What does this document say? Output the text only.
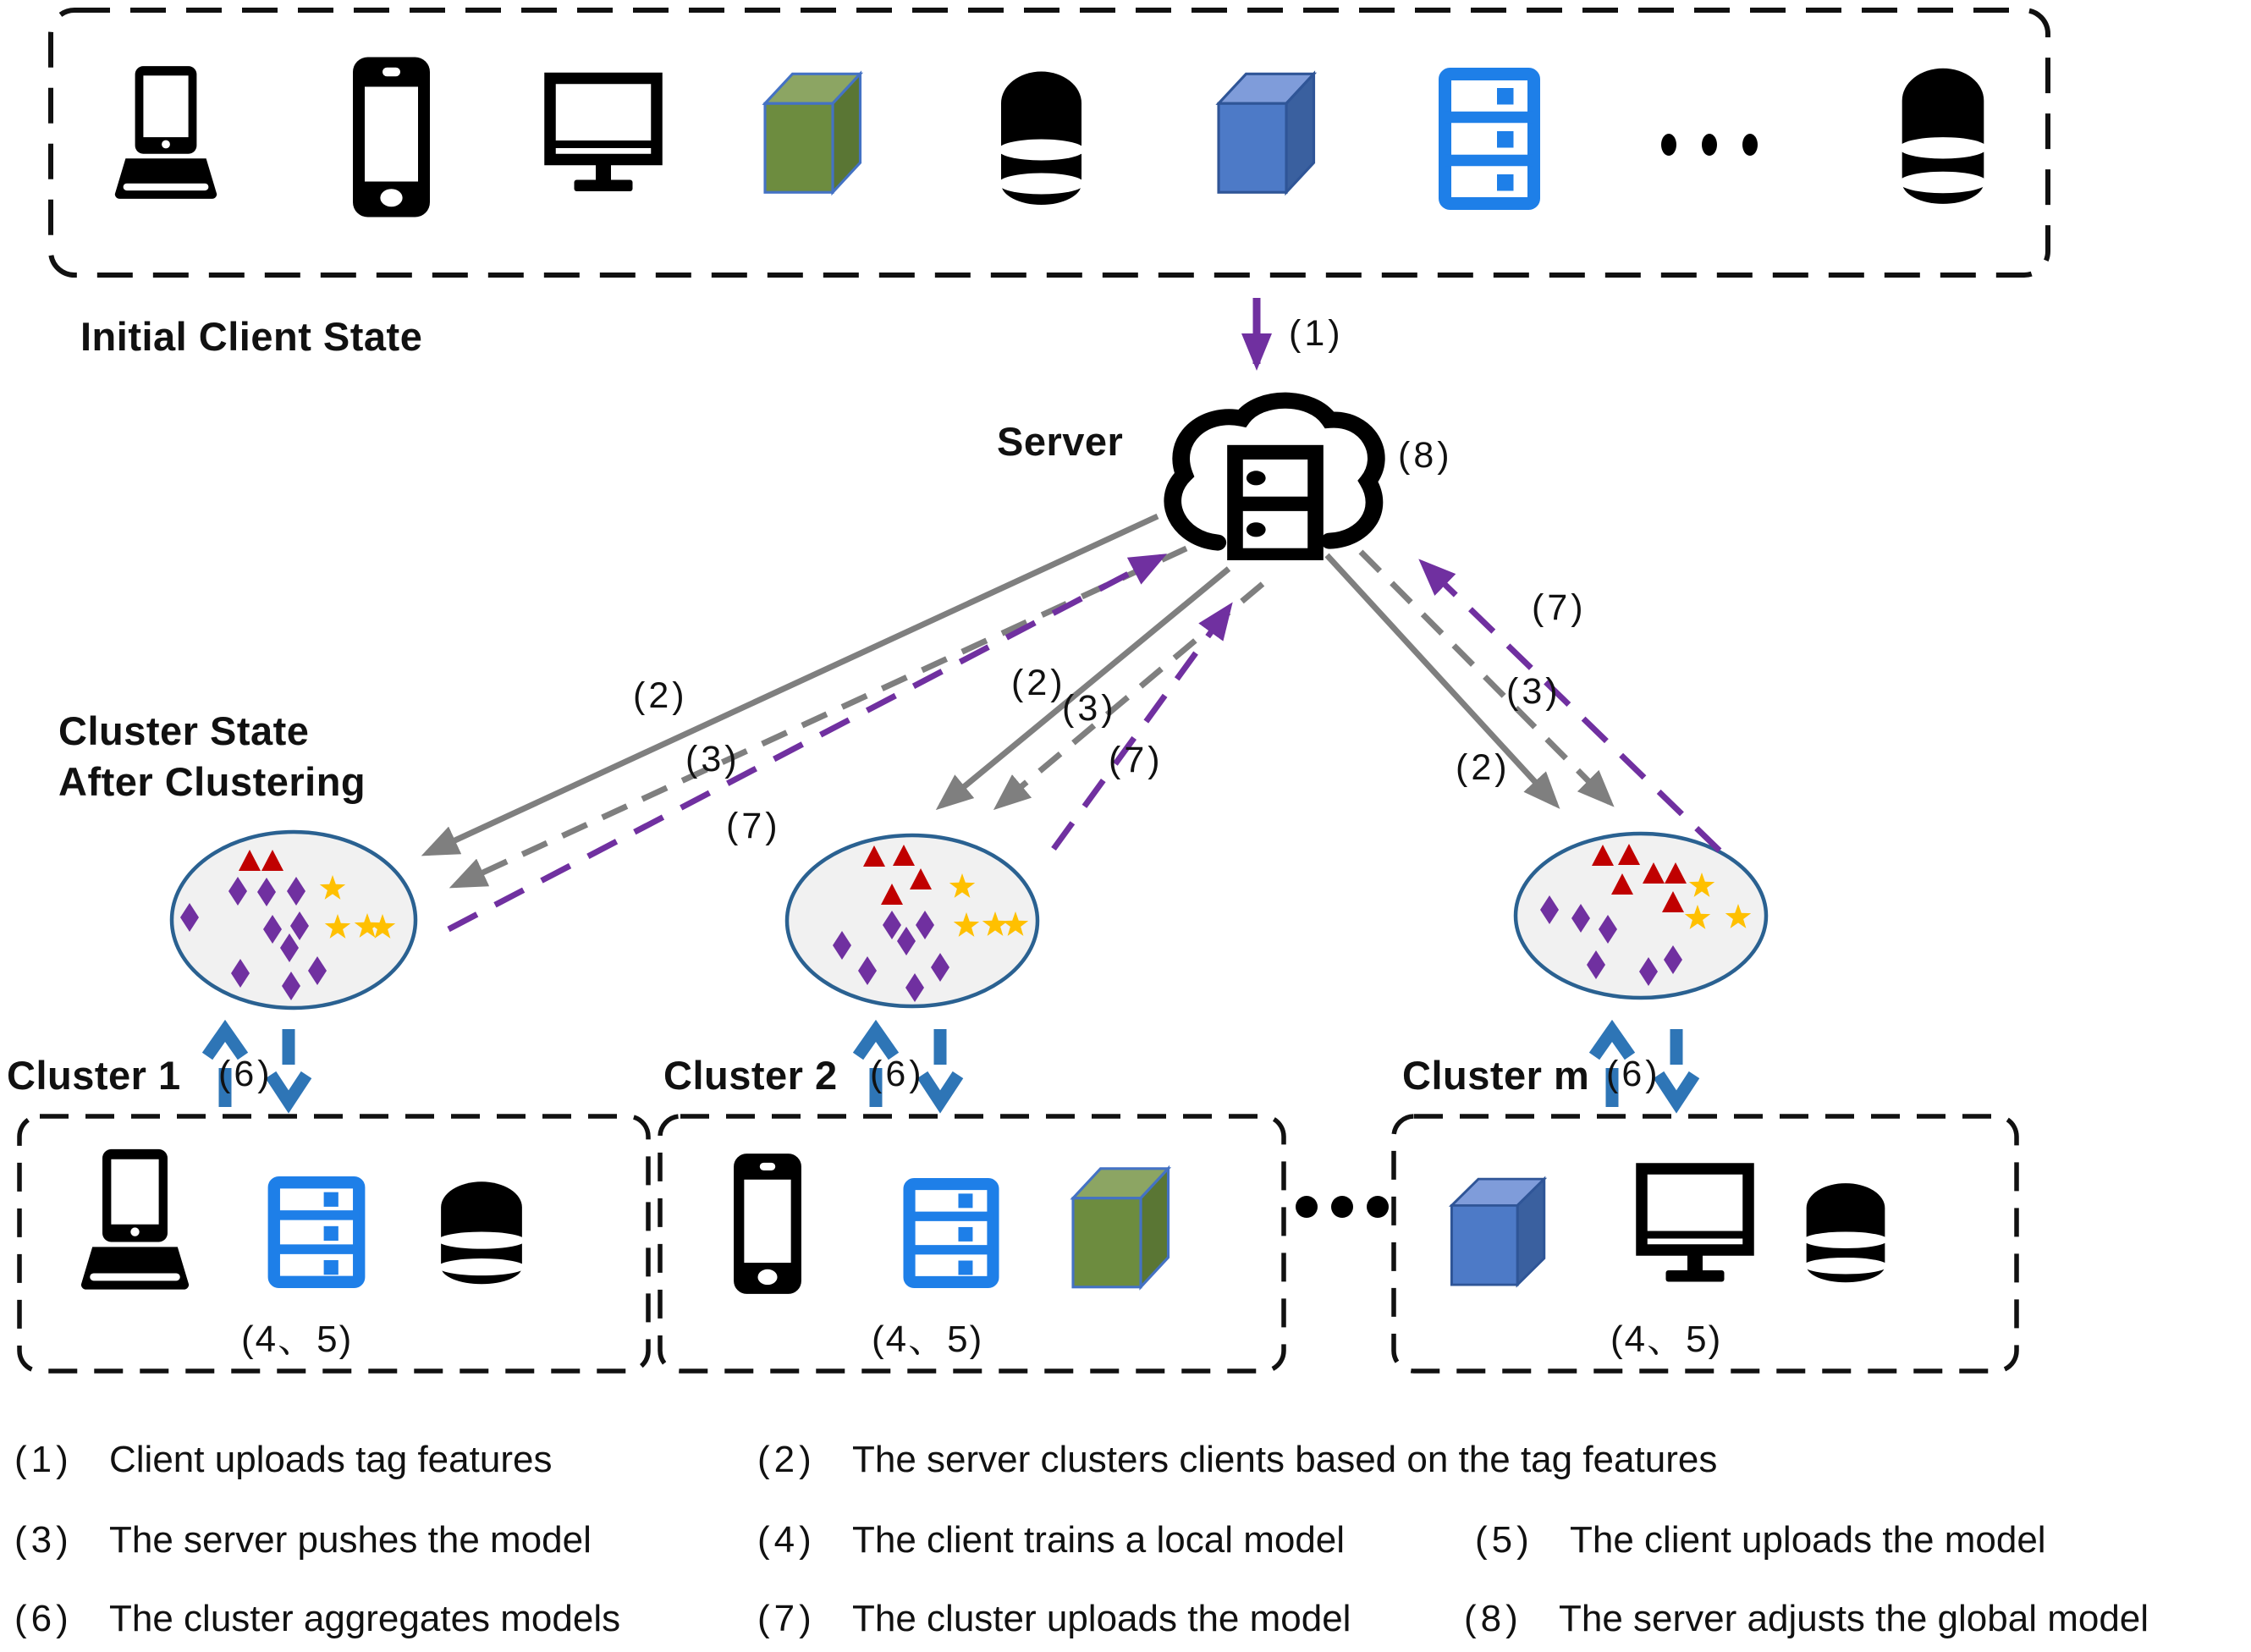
Initial Client State	(1)
Server	(8)
Cluster State
After Clustering
(2)
(3)
(7)
(2)
(3)
(7)
(7)
(3)
(2)
Cluster 1 (6)	Cluster 2 (6)	Cluster m (6)
(4、5)	(4、5)	(4、5)
(1) Client uploads tag features	(2) The server clusters clients based on the tag features
(3) The server pushes the model	(4) The client trains a local model	(5) The client uploads the model
(6) The cluster aggregates models	(7) The cluster uploads the model	(8) The server adjusts the global model
